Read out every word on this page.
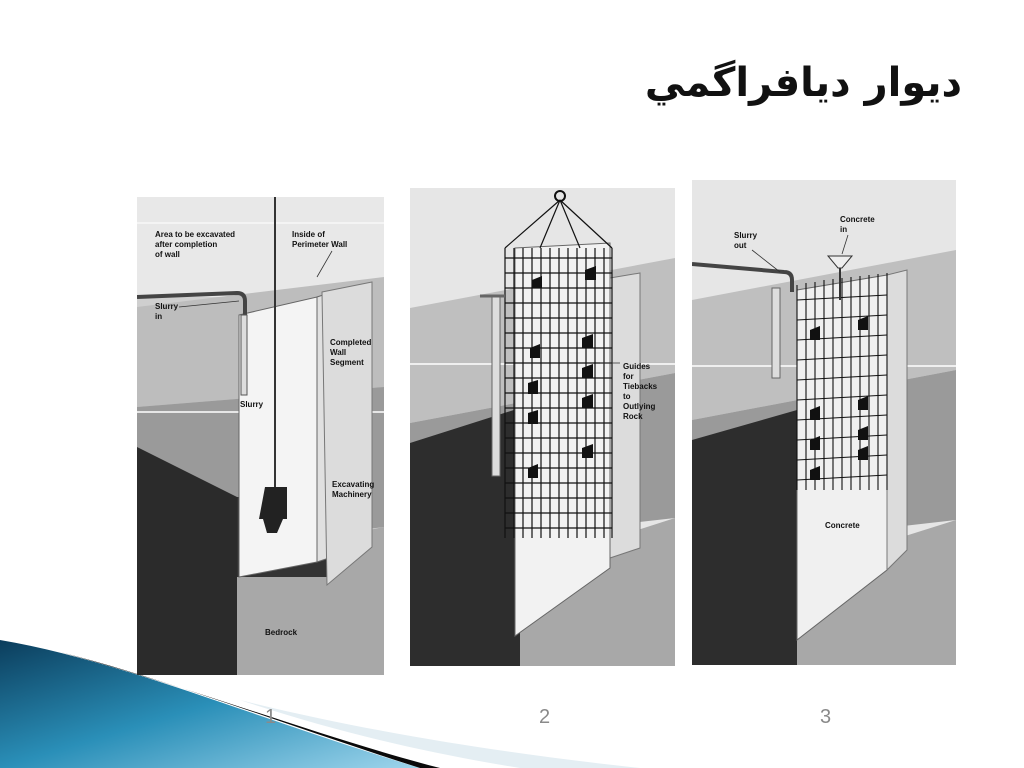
ديوار ديافراگمي
Area to be excavated
after completion
of wall
Inside of
Perimeter Wall
Slurry
in
Completed
Wall
Segment
Slurry
Excavating
Machinery
Bedrock
Guides
for
Tiebacks
to
Outlying
Rock
Slurry
out
Concrete
in
Concrete
1	2	3
